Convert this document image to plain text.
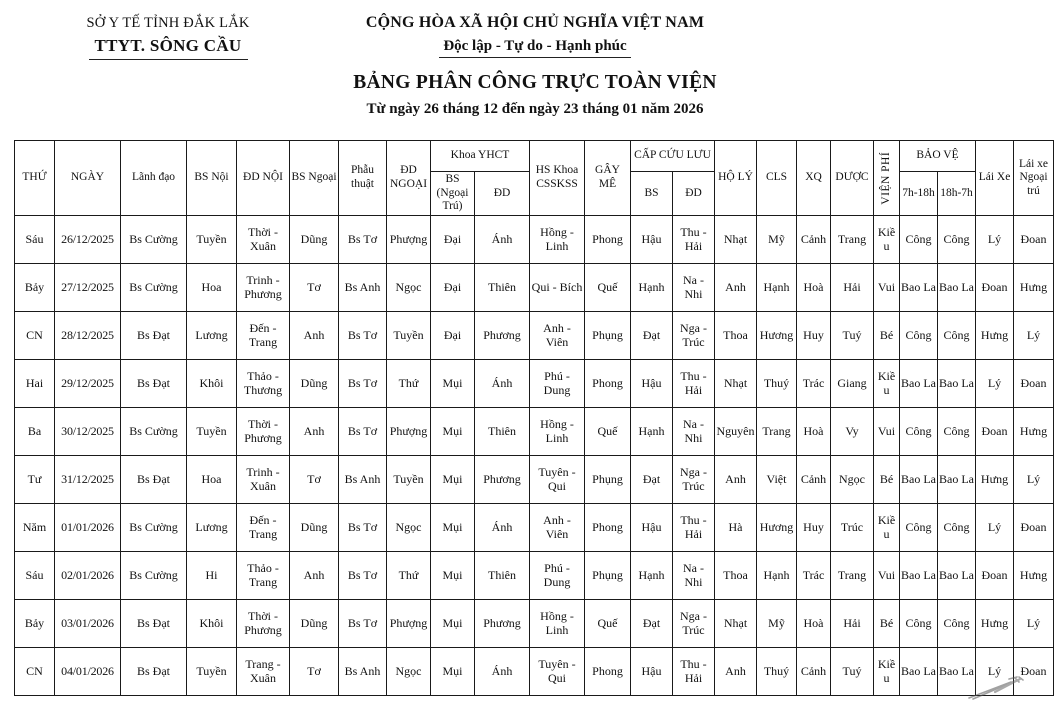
SỞ Y TẾ TỈNH ĐẮK LẮK
TTYT. SÔNG CẦU
CỘNG HÒA XÃ HỘI CHỦ NGHĨA VIỆT NAM
Độc lập - Tự do - Hạnh phúc
BẢNG PHÂN CÔNG TRỰC TOÀN VIỆN
Từ ngày 26 tháng 12 đến ngày 23 tháng 01 năm 2026
THỨ	NGÀY	Lãnh đạo	BS Nội	ĐD NỘI	BS Ngoại	Phẫu thuật	ĐD NGOẠI	Khoa YHCT		HS Khoa CSSKSS	GÂY MÊ	CẤP CỨU LƯU		HỘ LÝ	CLS	XQ	DƯỢC	VIỆN PHÍ	BẢO VỆ		Lái Xe	Lái xe Ngoại trú
								BS (Ngoại Trú)	ĐD			BS	ĐD						7h-18h	18h-7h		
Sáu	26/12/2025	Bs Cường	Tuyền	Thời - Xuân	Dũng	Bs Tơ	Phượng	Đại	Ánh	Hồng - Linh	Phong	Hậu	Thu - Hải	Nhạt	Mỹ	Cảnh	Trang	Kiều	Công	Công	Lý	Đoan
Bảy	27/12/2025	Bs Cường	Hoa	Trinh - Phương	Tơ	Bs Anh	Ngọc	Đại	Thiên	Qui - Bích	Quế	Hạnh	Na - Nhi	Anh	Hạnh	Hoà	Hải	Vui	Bao La	Bao La	Đoan	Hưng
CN	28/12/2025	Bs Đạt	Lương	Đến - Trang	Anh	Bs Tơ	Tuyền	Đại	Phương	Anh - Viên	Phụng	Đạt	Nga - Trúc	Thoa	Hương	Huy	Tuý	Bé	Công	Công	Hưng	Lý
Hai	29/12/2025	Bs Đạt	Khôi	Thảo - Thương	Dũng	Bs Tơ	Thứ	Mụi	Ánh	Phú - Dung	Phong	Hậu	Thu - Hải	Nhạt	Thuý	Trác	Giang	Kiều	Bao La	Bao La	Lý	Đoan
Ba	30/12/2025	Bs Cường	Tuyền	Thời - Phương	Anh	Bs Tơ	Phượng	Mụi	Thiên	Hồng - Linh	Quế	Hạnh	Na - Nhi	Nguyên	Trang	Hoà	Vy	Vui	Công	Công	Đoan	Hưng
Tư	31/12/2025	Bs Đạt	Hoa	Trinh - Xuân	Tơ	Bs Anh	Tuyền	Mụi	Phương	Tuyên - Qui	Phụng	Đạt	Nga - Trúc	Anh	Việt	Cảnh	Ngọc	Bé	Bao La	Bao La	Hưng	Lý
Năm	01/01/2026	Bs Cường	Lương	Đến - Trang	Dũng	Bs Tơ	Ngọc	Mụi	Ánh	Anh - Viên	Phong	Hậu	Thu - Hải	Hà	Hương	Huy	Trúc	Kiều	Công	Công	Lý	Đoan
Sáu	02/01/2026	Bs Cường	Hi	Thảo - Trang	Anh	Bs Tơ	Thứ	Mụi	Thiên	Phú - Dung	Phụng	Hạnh	Na - Nhi	Thoa	Hạnh	Trác	Trang	Vui	Bao La	Bao La	Đoan	Hưng
Bảy	03/01/2026	Bs Đạt	Khôi	Thời - Phương	Dũng	Bs Tơ	Phượng	Mụi	Phương	Hồng - Linh	Quế	Đạt	Nga - Trúc	Nhạt	Mỹ	Hoà	Hải	Bé	Công	Công	Hưng	Lý
CN	04/01/2026	Bs Đạt	Tuyền	Trang - Xuân	Tơ	Bs Anh	Ngọc	Mụi	Ánh	Tuyên - Qui	Phong	Hậu	Thu - Hải	Anh	Thuý	Cảnh	Tuý	Kiều	Bao La	Bao La	Lý	Đoan
